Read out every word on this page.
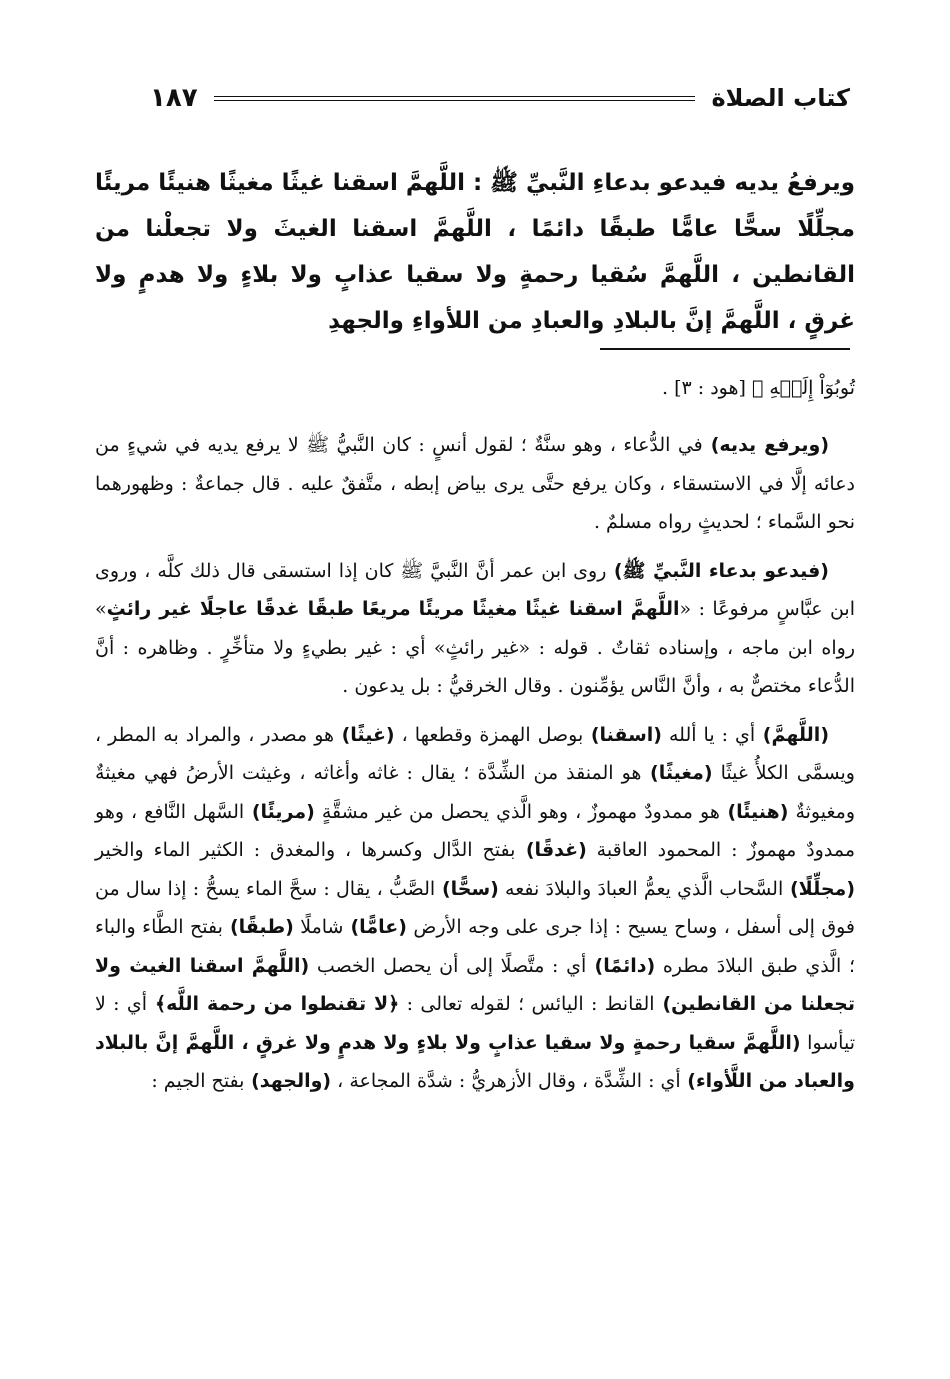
كتاب الصلاة
١٨٧
ويرفعُ يديه فيدعو بدعاءِ النَّبيِّ ﷺ : اللَّهمَّ اسقنا غيثًا مغيثًا هنيئًا مريئًا مجلِّلًا سحًّا عامًّا طبقًا دائمًا ، اللَّهمَّ اسقنا الغيثَ ولا تجعلْنا من القانطين ، اللَّهمَّ سُقيا رحمةٍ ولا سقيا عذابٍ ولا بلاءٍ ولا هدمٍ ولا غرقٍ ، اللَّهمَّ إنَّ بالبلادِ والعبادِ من اللأواءِ والجهدِ
تُوبُوٓاْ إِلَيۡهِ ﴾ [هود : ٣] .

(ويرفع يديه) في الدُّعاء ، وهو سنَّةٌ ؛ لقول أنسٍ : كان النَّبيُّ ﷺ لا يرفع يديه في شيءٍ من دعائه إلَّا في الاستسقاء ، وكان يرفع حتَّى يرى بياض إبطه ، متَّفقٌ عليه . قال جماعةٌ : وظهورهما نحو السَّماء ؛ لحديثٍ رواه مسلمٌ .

(فيدعو بدعاء النَّبيِّ ﷺ) روى ابن عمر أنَّ النَّبيَّ ﷺ كان إذا استسقى قال ذلك كلَّه ، وروى ابن عبَّاسٍ مرفوعًا : «اللَّهمَّ اسقنا غيثًا مغيثًا مريئًا مريعًا طبقًا غدقًا عاجلًا غير رائثٍ» رواه ابن ماجه ، وإسناده ثقاتٌ . قوله : «غير رائثٍ» أي : غير بطيءٍ ولا متأخِّرٍ . وظاهره : أنَّ الدُّعاء مختصٌّ به ، وأنَّ النَّاس يؤمِّنون . وقال الخرقيُّ : بل يدعون .

(اللَّهمَّ) أي : يا ألله (اسقنا) بوصل الهمزة وقطعها ، (غيثًا) هو مصدر ، والمراد به المطر ، ويسمَّى الكلأُ غيثًا (مغيثًا) هو المنقذ من الشِّدَّة ؛ يقال : غاثه وأغاثه ، وغيثت الأرضُ فهي مغيثةٌ ومغيوثةٌ (هنيئًا) هو ممدودٌ مهموزٌ ، وهو الَّذي يحصل من غير مشقَّةٍ (مريئًا) السَّهل النَّافع ، وهو ممدودٌ مهموزٌ : المحمود العاقبة (غدقًا) بفتح الدَّال وكسرها ، والمغدق : الكثير الماء والخير (مجلِّلًا) السَّحاب الَّذي يعمُّ العبادَ والبلادَ نفعه (سحًّا) الصَّبُّ ، يقال : سحَّ الماء يسحُّ : إذا سال من فوق إلى أسفل ، وساح يسيح : إذا جرى على وجه الأرض (عامًّا) شاملًا (طبقًا) بفتح الطَّاء والباء ؛ الَّذي طبق البلادَ مطره (دائمًا) أي : متَّصلًا إلى أن يحصل الخصب (اللَّهمَّ اسقنا الغيث ولا تجعلنا من القانطين) القانط : اليائس ؛ لقوله تعالى : ﴿لا تقنطوا من رحمة اللَّه﴾ أي : لا تيأسوا (اللَّهمَّ سقيا رحمةٍ ولا سقيا عذابٍ ولا بلاءٍ ولا هدمٍ ولا غرقٍ ، اللَّهمَّ إنَّ بالبلاد والعباد من اللَّأواء) أي : الشِّدَّة ، وقال الأزهريُّ : شدَّة المجاعة ، (والجهد) بفتح الجيم :
